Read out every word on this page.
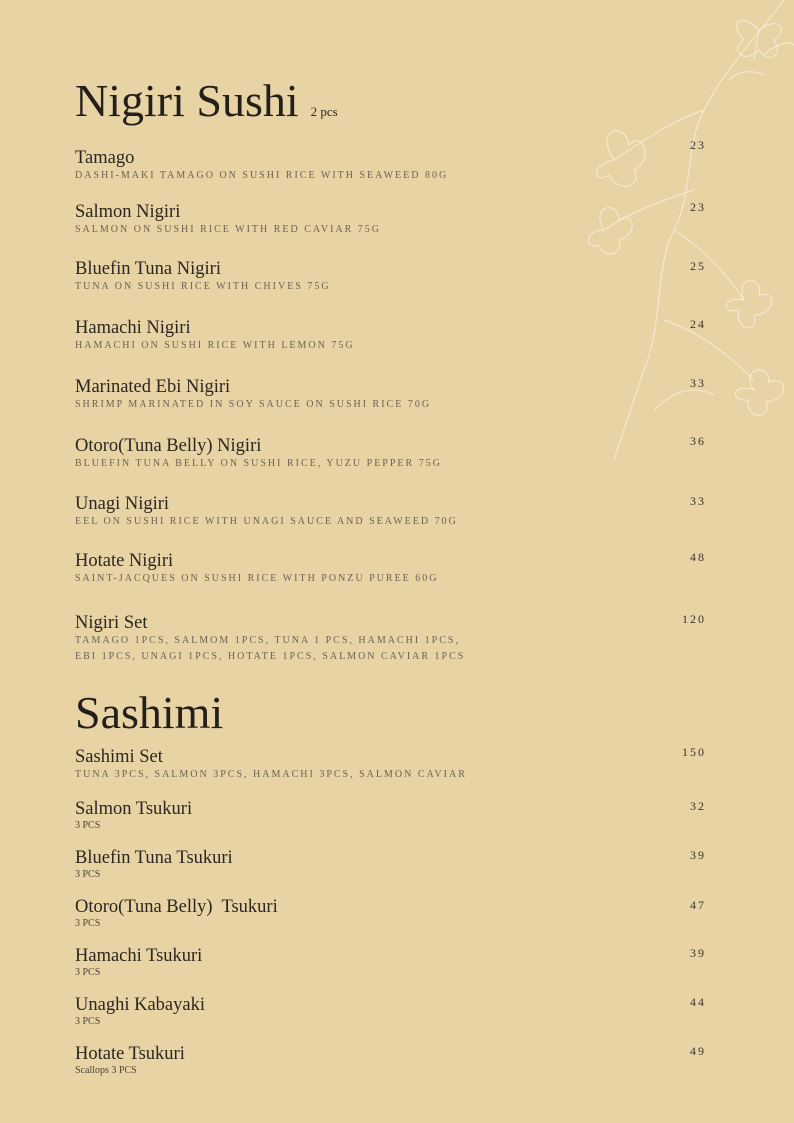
Nigiri Sushi 2 pcs
Tamago
DASHI-MAKI TAMAGO ON SUSHI RICE WITH SEAWEED 80G
23
Salmon Nigiri
SALMON ON SUSHI RICE WITH RED CAVIAR 75G
23
Bluefin Tuna Nigiri
TUNA ON SUSHI RICE WITH CHIVES 75G
25
Hamachi Nigiri
HAMACHI ON SUSHI RICE WITH LEMON 75G
24
Marinated Ebi Nigiri
SHRIMP MARINATED IN SOY SAUCE ON SUSHI RICE 70G
33
Otoro(Tuna Belly) Nigiri
BLUEFIN TUNA BELLY ON SUSHI RICE, YUZU PEPPER 75G
36
Unagi Nigiri
EEL ON SUSHI RICE WITH UNAGI SAUCE AND SEAWEED 70G
33
Hotate Nigiri
SAINT-JACQUES ON SUSHI RICE WITH PONZU PUREE 60G
48
Nigiri Set
TAMAGO 1PCS, SALMOM 1PCS, TUNA 1 PCS, HAMACHI 1PCS,
EBI 1PCS, UNAGI 1PCS, HOTATE 1PCS, SALMON CAVIAR 1PCS
120
Sashimi
Sashimi Set
TUNA 3PCS, SALMON 3PCS, HAMACHI 3PCS, SALMON CAVIAR
150
Salmon Tsukuri
3 PCS
32
Bluefin Tuna Tsukuri
3 PCS
39
Otoro(Tuna Belly)  Tsukuri
3 PCS
47
Hamachi Tsukuri
3 PCS
39
Unaghi Kabayaki
3 PCS
44
Hotate Tsukuri
Scallops 3 PCS
49
